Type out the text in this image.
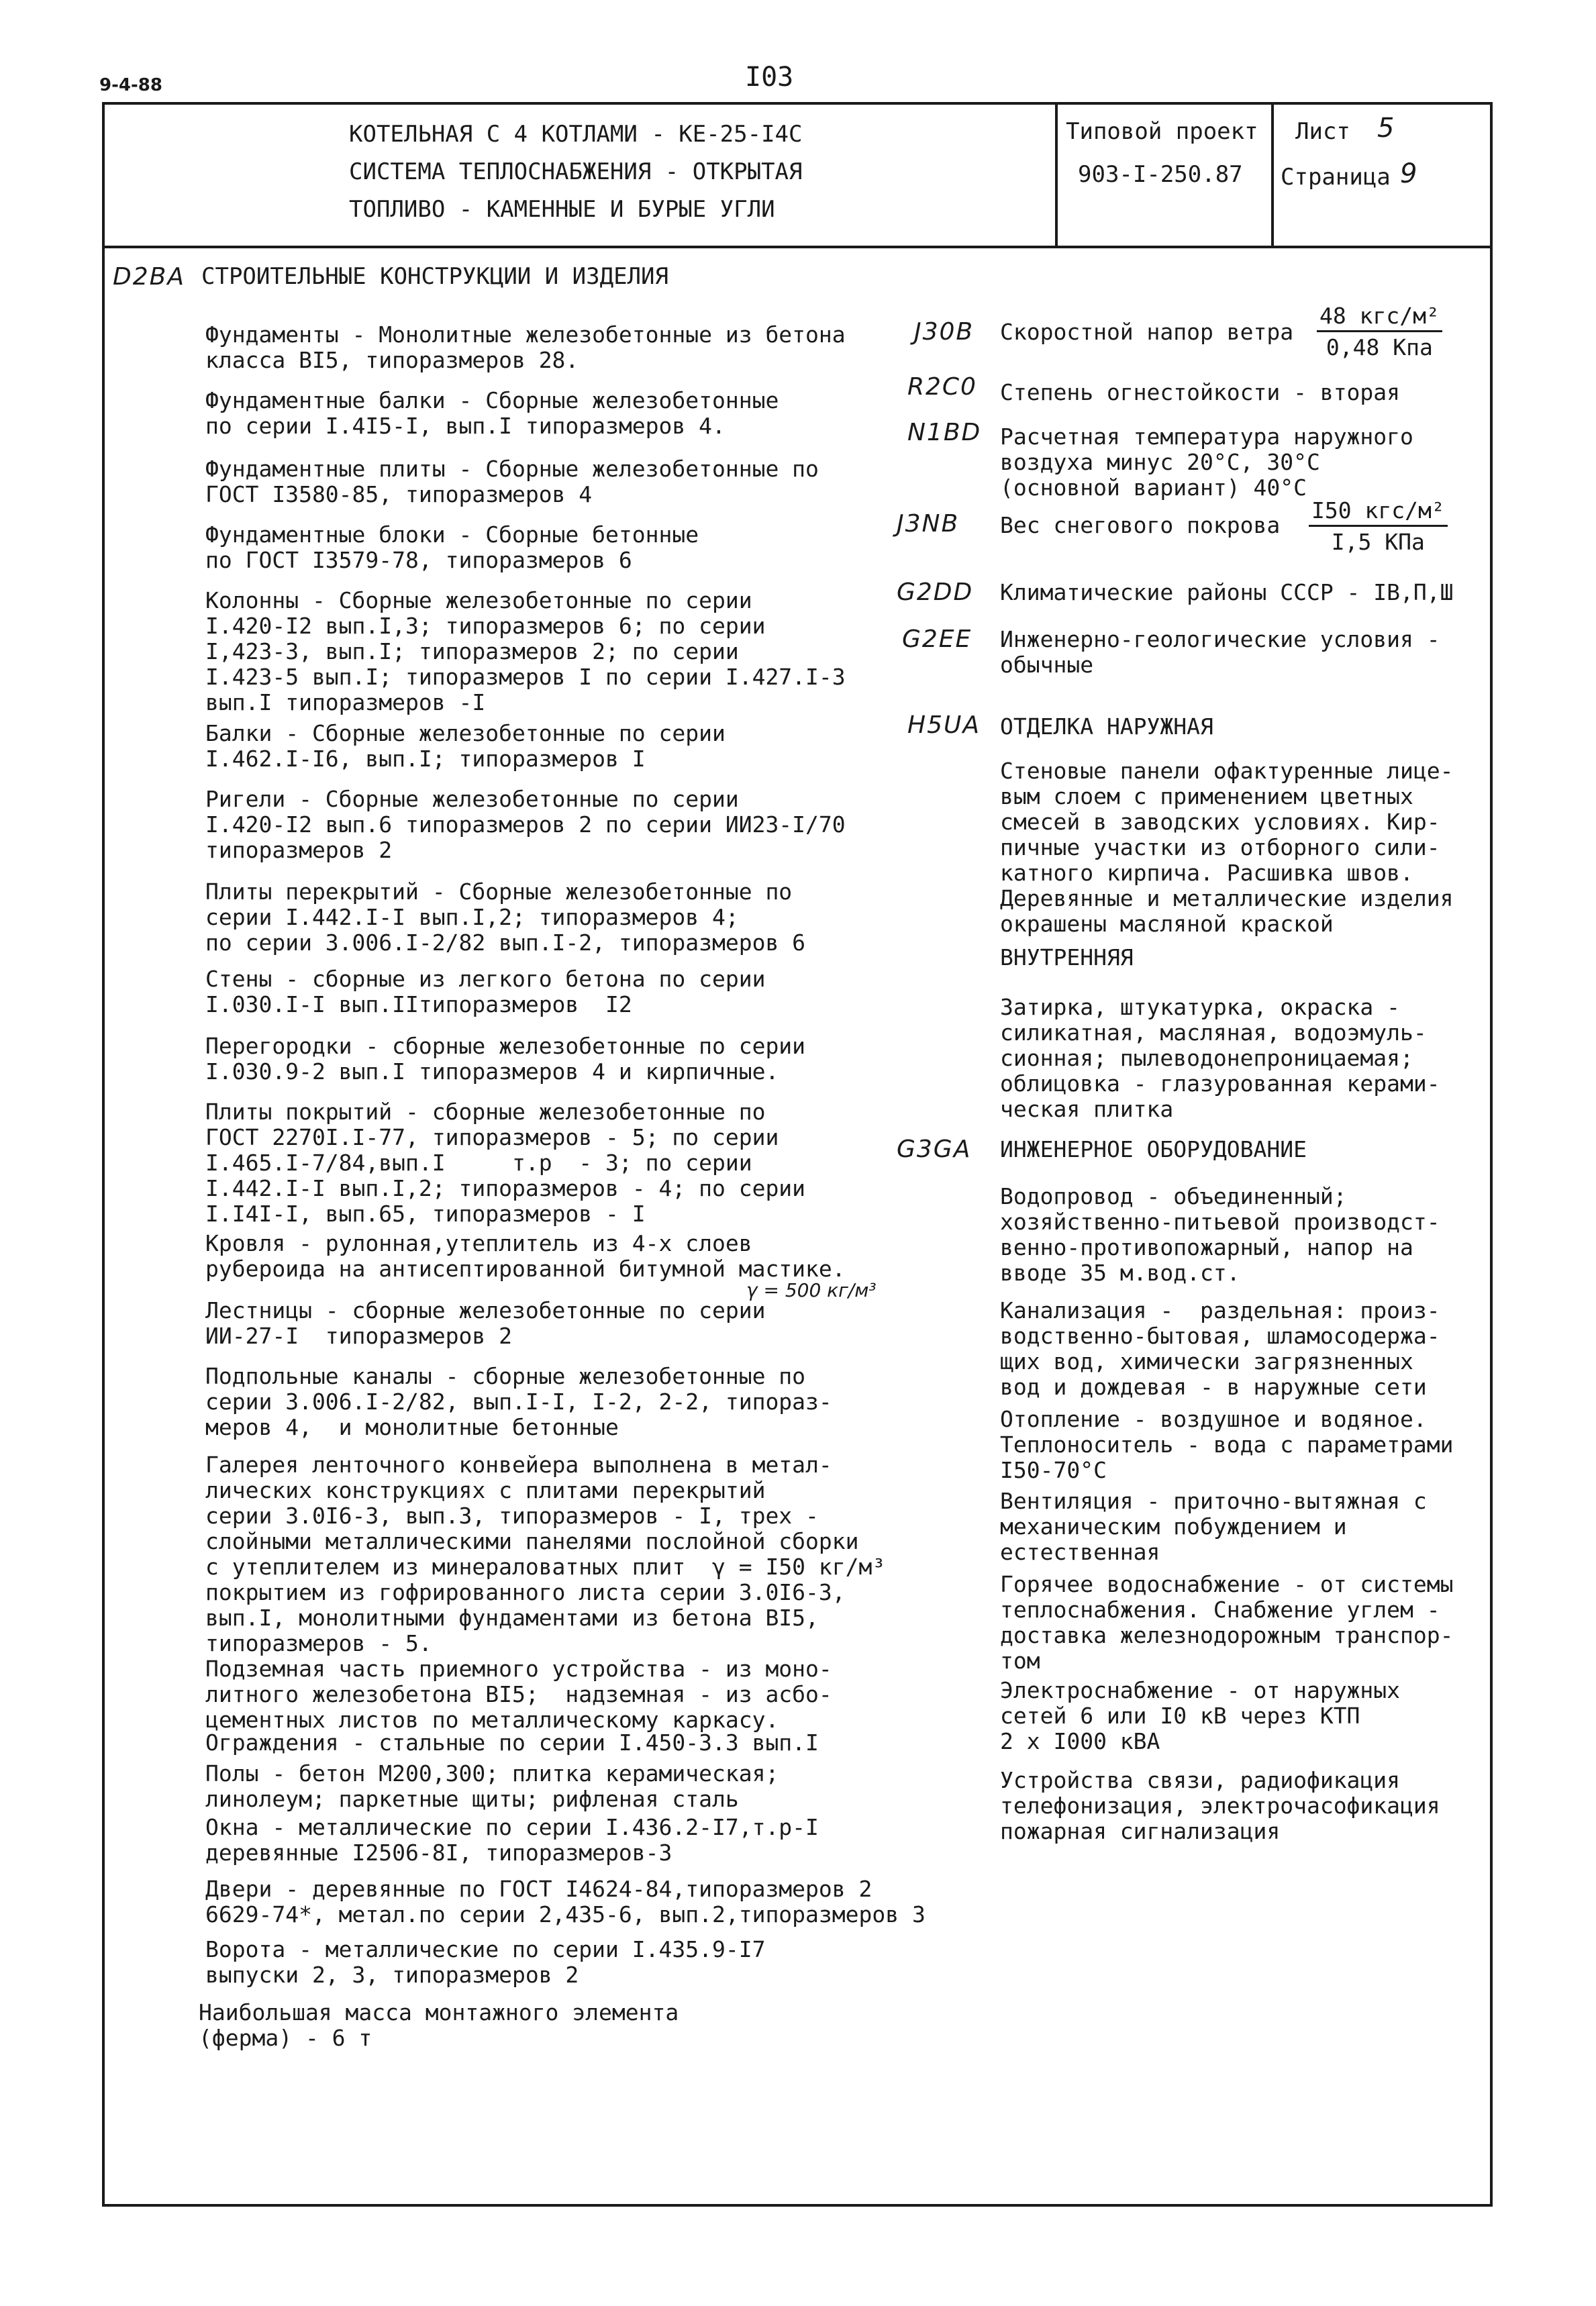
9-4-88	I03
КОТЕЛЬНАЯ С 4 КОТЛАМИ - КЕ-25-I4С
СИСТЕМА ТЕПЛОСНАБЖЕНИЯ - ОТКРЫТАЯ
ТОПЛИВО - КАМЕННЫЕ И БУРЫЕ УГЛИ
Типовой проект
903-I-250.87
Лист 5
Страница 9
D2BA СТРОИТЕЛЬНЫЕ КОНСТРУКЦИИ И ИЗДЕЛИЯ
Фундаменты - Монолитные железобетонные из бетона
класса BI5, типоразмеров 28.
Фундаментные балки - Сборные железобетонные
по серии I.4I5-I, вып.I типоразмеров 4.
Фундаментные плиты - Сборные железобетонные по
ГОСТ I3580-85, типоразмеров 4
Фундаментные блоки - Сборные бетонные
по ГОСТ I3579-78, типоразмеров 6
Колонны - Сборные железобетонные по серии
I.420-I2 вып.I,3; типоразмеров 6; по серии
I,423-3, вып.I; типоразмеров 2; по серии
I.423-5 вып.I; типоразмеров I по серии I.427.I-3
вып.I типоразмеров -I
Балки - Сборные железобетонные по серии
I.462.I-I6, вып.I; типоразмеров I
Ригели - Сборные железобетонные по серии
I.420-I2 вып.6 типоразмеров 2 по серии ИИ23-I/70
типоразмеров 2
Плиты перекрытий - Сборные железобетонные по
серии I.442.I-I вып.I,2; типоразмеров 4;
по серии 3.006.I-2/82 вып.I-2, типоразмеров 6
Стены - сборные из легкого бетона по серии
I.030.I-I вып.IIтипоразмеров  I2
Перегородки - сборные железобетонные по серии
I.030.9-2 вып.I типоразмеров 4 и кирпичные.
Плиты покрытий - сборные железобетонные по
ГОСТ 2270I.I-77, типоразмеров - 5; по серии
I.465.I-7/84,вып.I     т.р  - 3; по серии
I.442.I-I вып.I,2; типоразмеров - 4; по серии
I.I4I-I, вып.65, типоразмеров - I
Кровля - рулонная,утеплитель из 4-х слоев
рубероида на антисептированной битумной мастике.
γ = 500 кг/м³
Лестницы - сборные железобетонные по серии
ИИ-27-I  типоразмеров 2
Подпольные каналы - сборные железобетонные по
серии 3.006.I-2/82, вып.I-I, I-2, 2-2, типораз-
меров 4,  и монолитные бетонные
Галерея ленточного конвейера выполнена в метал-
лических конструкциях с плитами перекрытий
серии 3.0I6-3, вып.3, типоразмеров - I, трех -
слойными металлическими панелями послойной сборки
с утеплителем из минераловатных плит  γ = I50 кг/м³
покрытием из гофрированного листа серии 3.0I6-3,
вып.I, монолитными фундаментами из бетона BI5,
типоразмеров - 5.
Подземная часть приемного устройства - из моно-
литного железобетона BI5;  надземная - из асбо-
цементных листов по металлическому каркасу.
Ограждения - стальные по серии I.450-3.3 вып.I
Полы - бетон М200,300; плитка керамическая;
линолеум; паркетные щиты; рифленая сталь
Окна - металлические по серии I.436.2-I7,т.р-I
деревянные I2506-8I, типоразмеров-3
Двери - деревянные по ГОСТ I4624-84,типоразмеров 2
6629-74*, метал.по серии 2,435-6, вып.2,типоразмеров 3
Ворота - металлические по серии I.435.9-I7
выпуски 2, 3, типоразмеров 2
Наибольшая масса монтажного элемента
(ферма) - 6 т
J30B
R2C0
N1BD
J3NB
G2DD
G2EE
H5UA
G3GA
Скоростной напор ветра
48 кгс/м²
0,48 Кпа
Степень огнестойкости - вторая
Расчетная температура наружного
воздуха минус 20°С, 30°С
(основной вариант) 40°С
Вес снегового покрова
I50 кгс/м²
I,5 КПа
Климатические районы СССР - IВ,П,Ш
Инженерно-геологические условия -
обычные
ОТДЕЛКА НАРУЖНАЯ
Стеновые панели офактуренные лице-
вым слоем с применением цветных
смесей в заводских условиях. Кир-
пичные участки из отборного сили-
катного кирпича. Расшивка швов.
Деревянные и металлические изделия
окрашены масляной краской
ВНУТРЕННЯЯ
Затирка, штукатурка, окраска -
силикатная, масляная, водоэмуль-
сионная; пылеводонепроницаемая;
облицовка - глазурованная керами-
ческая плитка
ИНЖЕНЕРНОЕ ОБОРУДОВАНИЕ
Водопровод - объединенный;
хозяйственно-питьевой производст-
венно-противопожарный, напор на
вводе 35 м.вод.ст.
Канализация -  раздельная: произ-
водственно-бытовая, шламосодержа-
щих вод, химически загрязненных
вод и дождевая - в наружные сети
Отопление - воздушное и водяное.
Теплоноситель - вода с параметрами
I50-70°С
Вентиляция - приточно-вытяжная с
механическим побуждением и
естественная
Горячее водоснабжение - от системы
теплоснабжения. Снабжение углем -
доставка железнодорожным транспор-
том
Электроснабжение - от наружных
сетей 6 или I0 кВ через КТП
2 х I000 кВА
Устройства связи, радиофикация
телефонизация, электрочасофикация
пожарная сигнализация
